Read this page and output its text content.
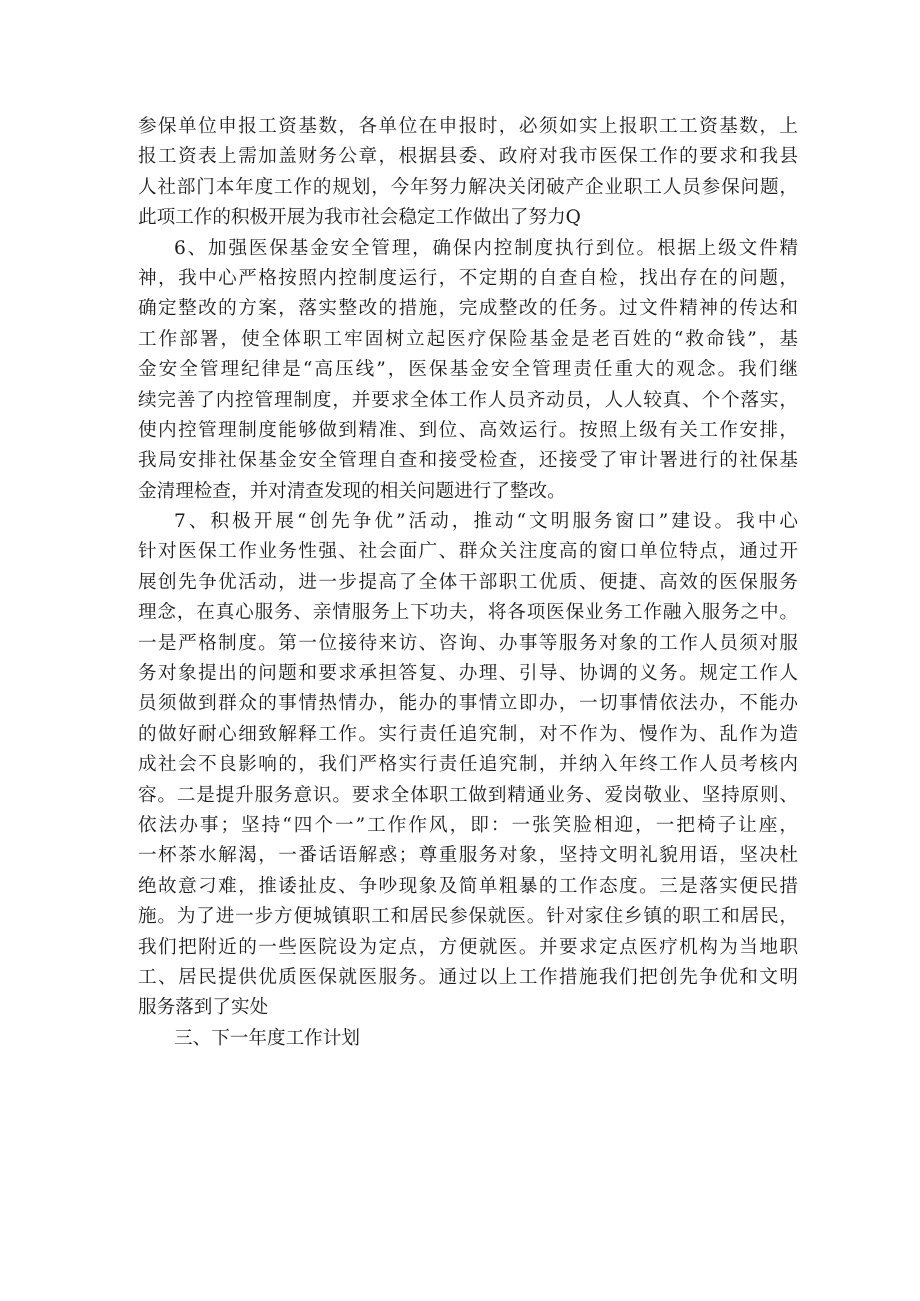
参保单位申报工资基数，各单位在申报时，必须如实上报职工工资基数，上
报工资表上需加盖财务公章，根据县委、政府对我市医保工作的要求和我县
人社部门本年度工作的规划，今年努力解决关闭破产企业职工人员参保问题，
此项工作的积极开展为我市社会稳定工作做出了努力Q
6、加强医保基金安全管理，确保内控制度执行到位。根据上级文件精
神，我中心严格按照内控制度运行，不定期的自查自检，找出存在的问题，
确定整改的方案，落实整改的措施，完成整改的任务。过文件精神的传达和
工作部署，使全体职工牢固树立起医疗保险基金是老百姓的“救命钱”，基
金安全管理纪律是“高压线”，医保基金安全管理责任重大的观念。我们继
续完善了内控管理制度，并要求全体工作人员齐动员，人人较真、个个落实，
使内控管理制度能够做到精准、到位、高效运行。按照上级有关工作安排，
我局安排社保基金安全管理自查和接受检查，还接受了审计署进行的社保基
金清理检查，并对清查发现的相关问题进行了整改。
7、积极开展“创先争优”活动，推动“文明服务窗口”建设。我中心
针对医保工作业务性强、社会面广、群众关注度高的窗口单位特点，通过开
展创先争优活动，进一步提高了全体干部职工优质、便捷、高效的医保服务
理念，在真心服务、亲情服务上下功夫，将各项医保业务工作融入服务之中。
一是严格制度。第一位接待来访、咨询、办事等服务对象的工作人员须对服
务对象提出的问题和要求承担答复、办理、引导、协调的义务。规定工作人
员须做到群众的事情热情办，能办的事情立即办，一切事情依法办，不能办
的做好耐心细致解释工作。实行责任追究制，对不作为、慢作为、乱作为造
成社会不良影响的，我们严格实行责任追究制，并纳入年终工作人员考核内
容。二是提升服务意识。要求全体职工做到精通业务、爱岗敬业、坚持原则、
依法办事；坚持“四个一”工作作风，即：一张笑脸相迎，一把椅子让座，
一杯茶水解渴，一番话语解惑；尊重服务对象，坚持文明礼貌用语，坚决杜
绝故意刁难，推诿扯皮、争吵现象及简单粗暴的工作态度。三是落实便民措
施。为了进一步方便城镇职工和居民参保就医。针对家住乡镇的职工和居民，
我们把附近的一些医院设为定点，方便就医。并要求定点医疗机构为当地职
工、居民提供优质医保就医服务。通过以上工作措施我们把创先争优和文明
服务落到了实处
三、下一年度工作计划
